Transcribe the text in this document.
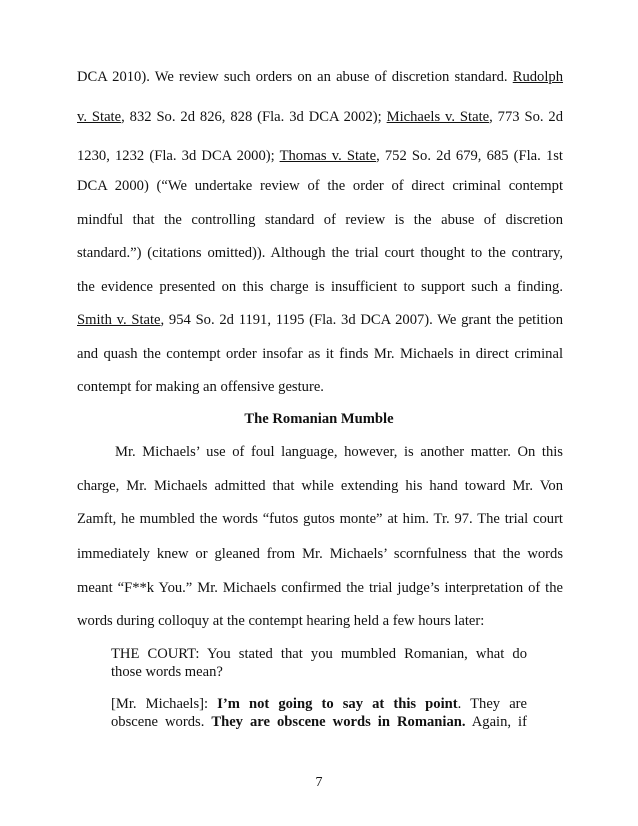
DCA 2010). We review such orders on an abuse of discretion standard. Rudolph
v. State, 832 So. 2d 826, 828 (Fla. 3d DCA 2002); Michaels v. State, 773 So. 2d
1230, 1232 (Fla. 3d DCA 2000); Thomas v. State, 752 So. 2d 679, 685 (Fla. 1st
DCA 2000) (“We undertake review of the order of direct criminal contempt
mindful that the controlling standard of review is the abuse of discretion
standard.”) (citations omitted)). Although the trial court thought to the contrary,
the evidence presented on this charge is insufficient to support such a finding.
Smith v. State, 954 So. 2d 1191, 1195 (Fla. 3d DCA 2007). We grant the petition
and quash the contempt order insofar as it finds Mr. Michaels in direct criminal
contempt for making an offensive gesture.
The Romanian Mumble
Mr. Michaels’ use of foul language, however, is another matter. On this
charge, Mr. Michaels admitted that while extending his hand toward Mr. Von
Zamft, he mumbled the words “futos gutos monte” at him. Tr. 97. The trial court
immediately knew or gleaned from Mr. Michaels’ scornfulness that the words
meant “F**k You.” Mr. Michaels confirmed the trial judge’s interpretation of the
words during colloquy at the contempt hearing held a few hours later:
THE COURT: You stated that you mumbled Romanian, what do
those words mean?
[Mr. Michaels]: I’m not going to say at this point. They are
obscene words. They are obscene words in Romanian. Again, if
7
